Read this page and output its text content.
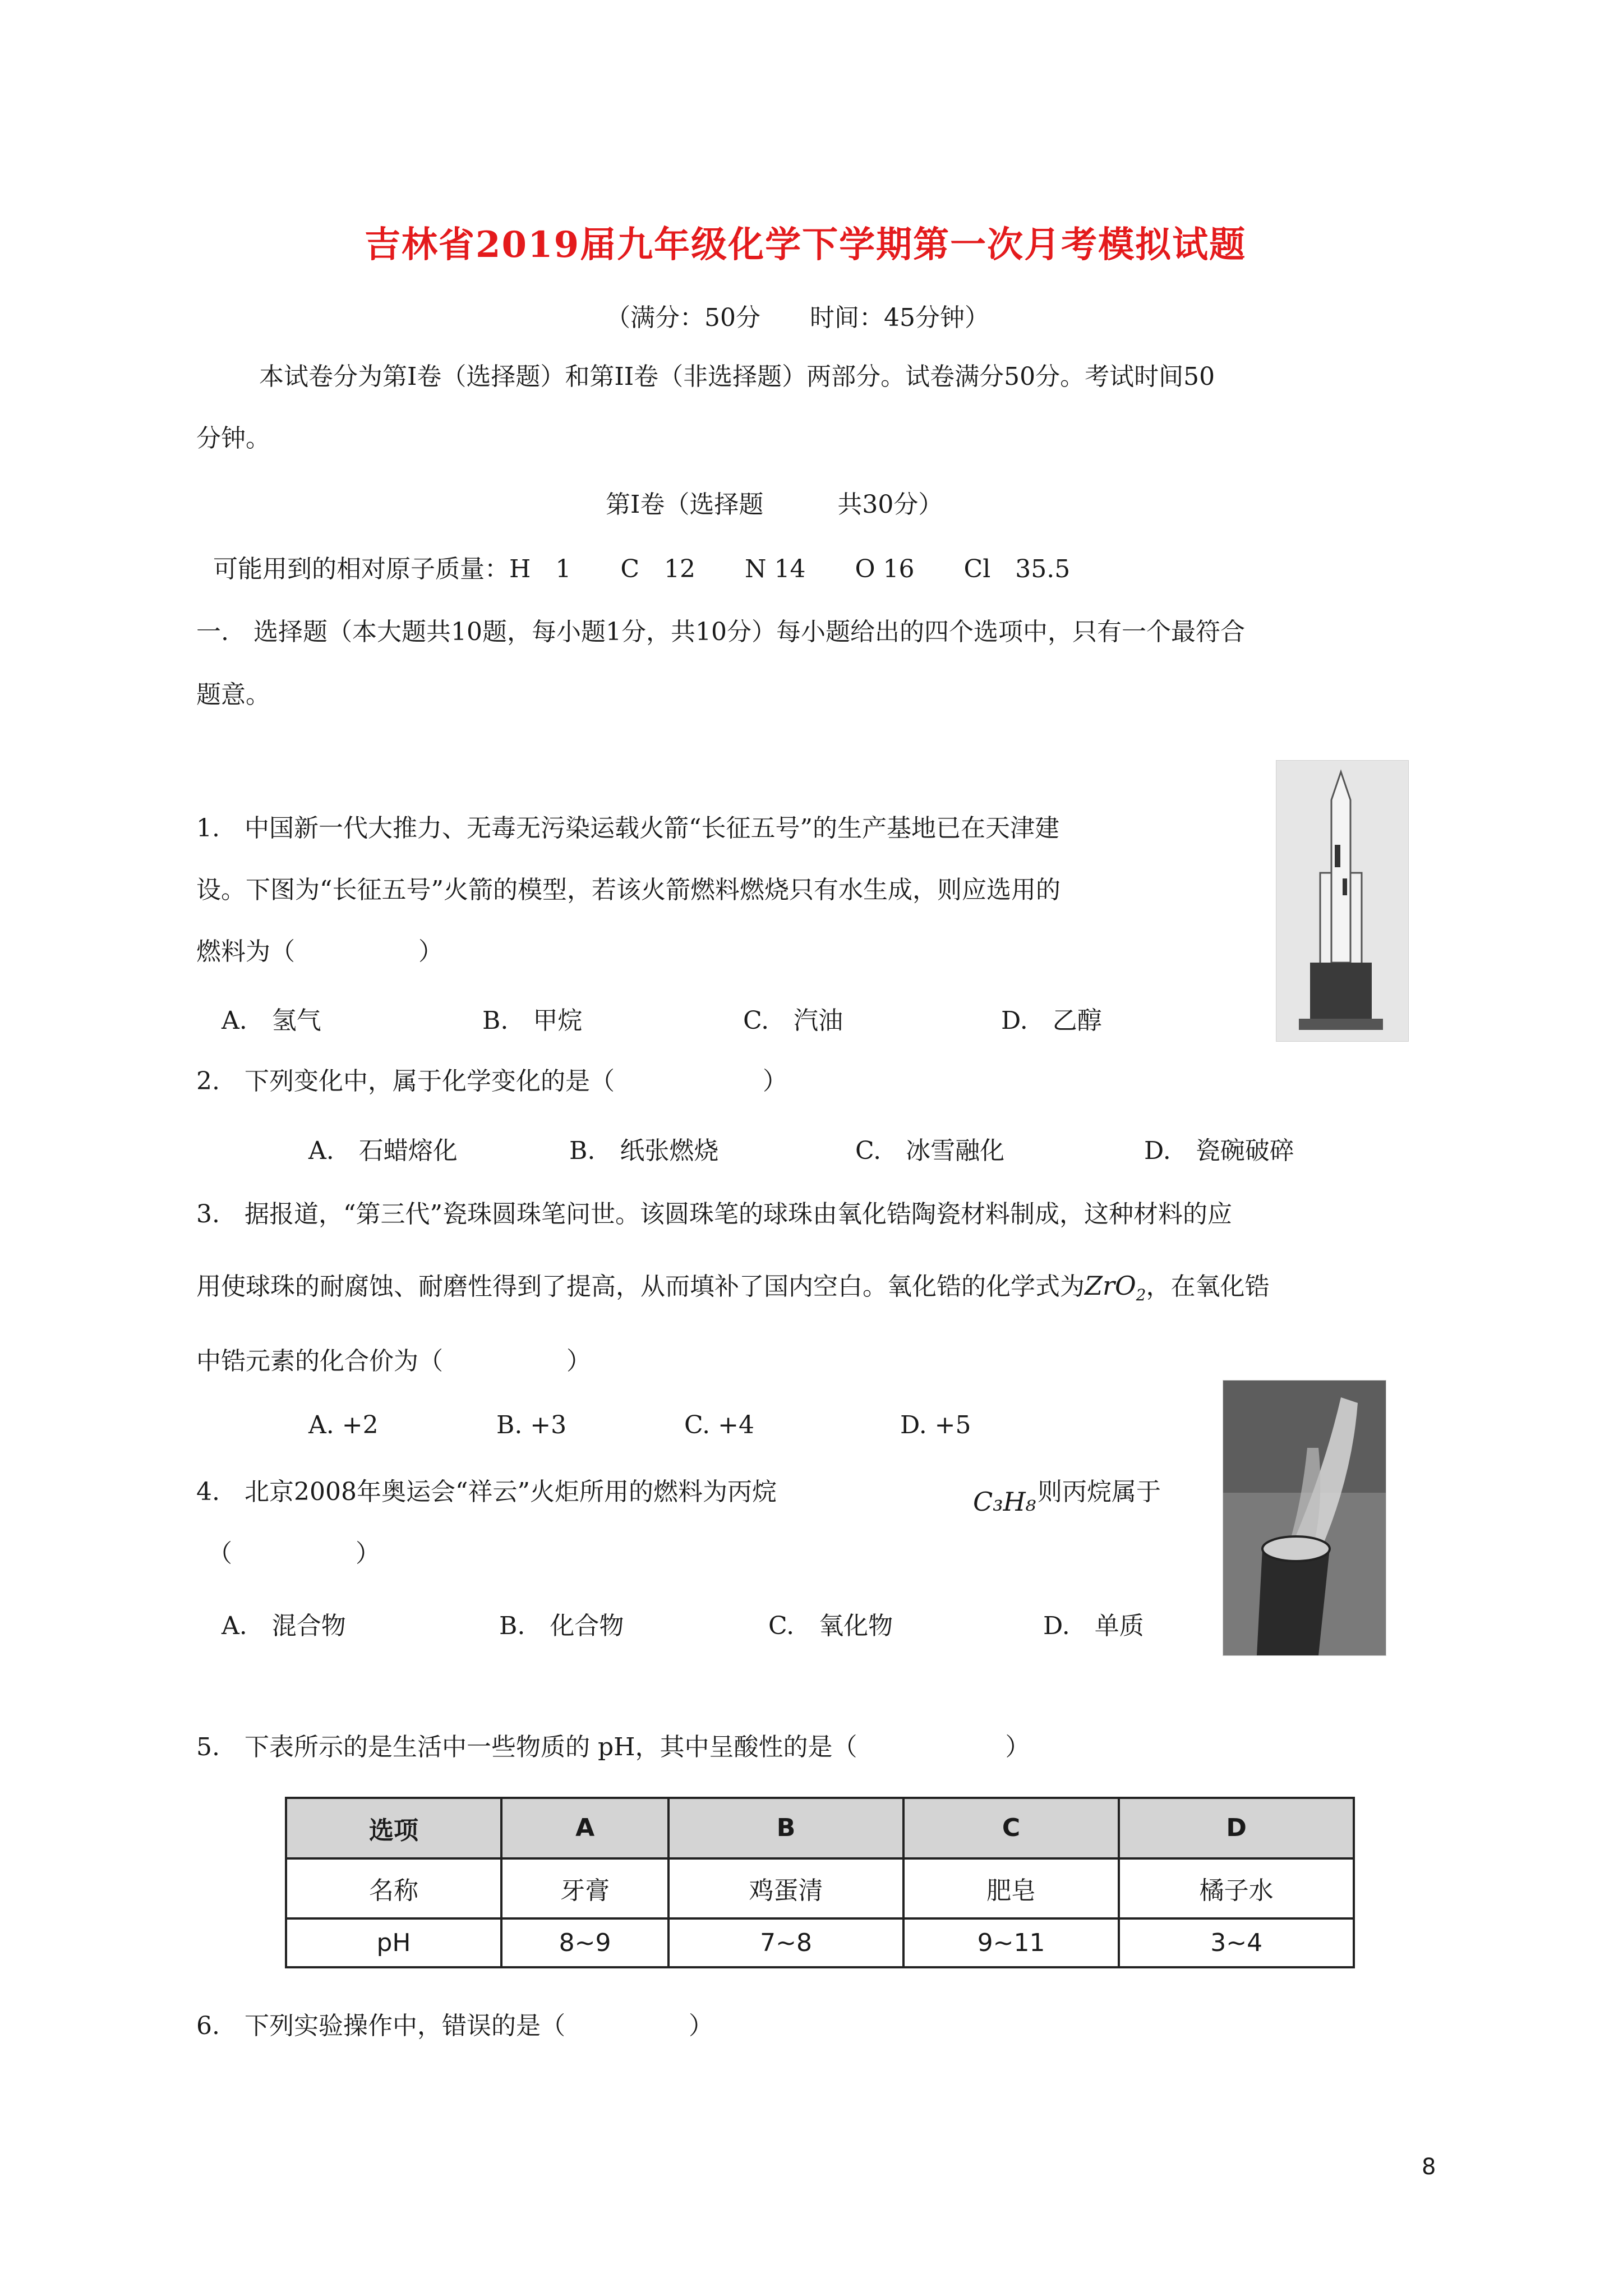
吉林省2019届九年级化学下学期第一次月考模拟试题
（满分：50分　　时间：45分钟）
本试卷分为第Ⅰ卷（选择题）和第ⅠⅠ卷（非选择题）两部分。试卷满分50分。考试时间50
分钟。
第Ⅰ卷（选择题　　　共30分）
可能用到的相对原子质量：H　1　　C　12　　N 14　　O 16　　Cl　35.5
一.　选择题（本大题共10题，每小题1分，共10分）每小题给出的四个选项中，只有一个最符合
题意。
1.　中国新一代大推力、无毒无污染运载火箭“长征五号”的生产基地已在天津建
设。下图为“长征五号”火箭的模型，若该火箭燃料燃烧只有水生成，则应选用的
燃料为（　　　　　）
A.　氢气	B.　甲烷	C.　汽油	D.　乙醇
2.　下列变化中，属于化学变化的是（　　　　　　）
A.　石蜡熔化	B.　纸张燃烧	C.　冰雪融化	D.　瓷碗破碎
3.　据报道，“第三代”瓷珠圆珠笔问世。该圆珠笔的球珠由氧化锆陶瓷材料制成，这种材料的应
用使球珠的耐腐蚀、耐磨性得到了提高，从而填补了国内空白。氧化锆的化学式为ZrO$_2$，在氧化锆
中锆元素的化合价为（　　　　　）
A. +2	B. +3	C. +4	D. +5
4.　北京2008年奥运会“祥云”火炬所用的燃料为丙烷	C₃H₈ 则丙烷属于
（　　　　　）
A.　混合物	B.　化合物	C.　氧化物	D.　单质
5.　下表所示的是生活中一些物质的 pH，其中呈酸性的是（　　　　　　）
选项	A	B	C	D
名称	牙膏	鸡蛋清	肥皂	橘子水
pH	8~9	7~8	9~11	3~4
6.　下列实验操作中，错误的是（　　　　　）
8
